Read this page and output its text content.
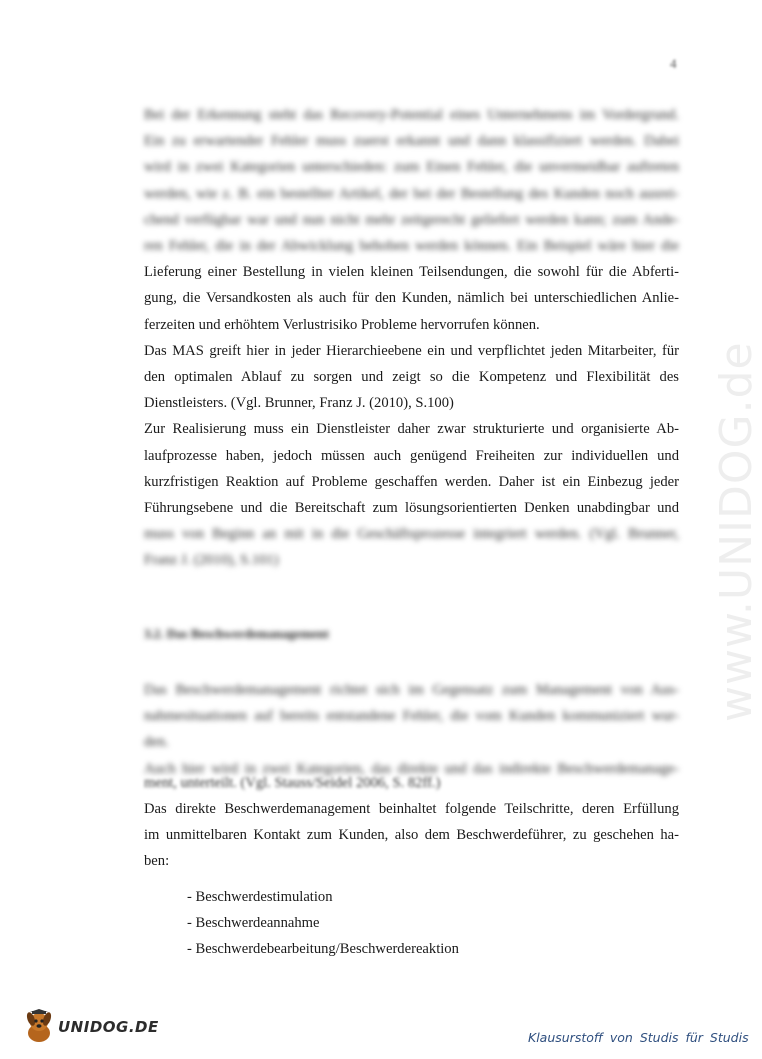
4
www.UNIDOG.de
Bei der Erkennung steht das Recovery-Potential eines Unternehmens im Vordergrund.
Ein zu erwartender Fehler muss zuerst erkannt und dann klassifiziert werden. Dabei
wird in zwei Kategorien unterschieden: zum Einen Fehler, die unvermeidbar auftreten
werden, wie z. B. ein bestellter Artikel, der bei der Bestellung des Kunden noch ausrei-
chend verfügbar war und nun nicht mehr zeitgerecht geliefert werden kann; zum Ande-
ren Fehler, die in der Abwicklung behoben werden können. Ein Beispiel wäre hier die
Lieferung einer Bestellung in vielen kleinen Teilsendungen, die sowohl für die Abferti-
gung, die Versandkosten als auch für den Kunden, nämlich bei unterschiedlichen Anlie-
ferzeiten und erhöhtem Verlustrisiko Probleme hervorrufen können.
Das MAS greift hier in jeder Hierarchieebene ein und verpflichtet jeden Mitarbeiter, für
den optimalen Ablauf zu sorgen und zeigt so die Kompetenz und Flexibilität des
Dienstleisters. (Vgl. Brunner, Franz J. (2010), S.100)
Zur Realisierung muss ein Dienstleister daher zwar strukturierte und organisierte Ab-
laufprozesse haben, jedoch müssen auch genügend Freiheiten zur individuellen und
kurzfristigen Reaktion auf Probleme geschaffen werden. Daher ist ein Einbezug jeder
Führungsebene und die Bereitschaft zum lösungsorientierten Denken unabdingbar und
muss von Beginn an mit in die Geschäftsprozesse integriert werden. (Vgl. Brunner,
Franz J. (2010), S.101)
3.2. Das Beschwerdemanagement
Das Beschwerdemanagement richtet sich im Gegensatz zum Management von Aus-
nahmesituationen auf bereits entstandene Fehler, die vom Kunden kommuniziert wur-
den.
Auch hier wird in zwei Kategorien, das direkte und das indirekte Beschwerdemanage-
ment, unterteilt. (Vgl. Stauss/Seidel 2006, S. 82ff.)
Das direkte Beschwerdemanagement beinhaltet folgende Teilschritte, deren Erfüllung
im unmittelbaren Kontakt zum Kunden, also dem Beschwerdeführer, zu geschehen ha-
ben:
- Beschwerdestimulation
- Beschwerdeannahme
- Beschwerdebearbeitung/Beschwerdereaktion
UNIDOG.DE
Klausurstoff von Studis für Studis
